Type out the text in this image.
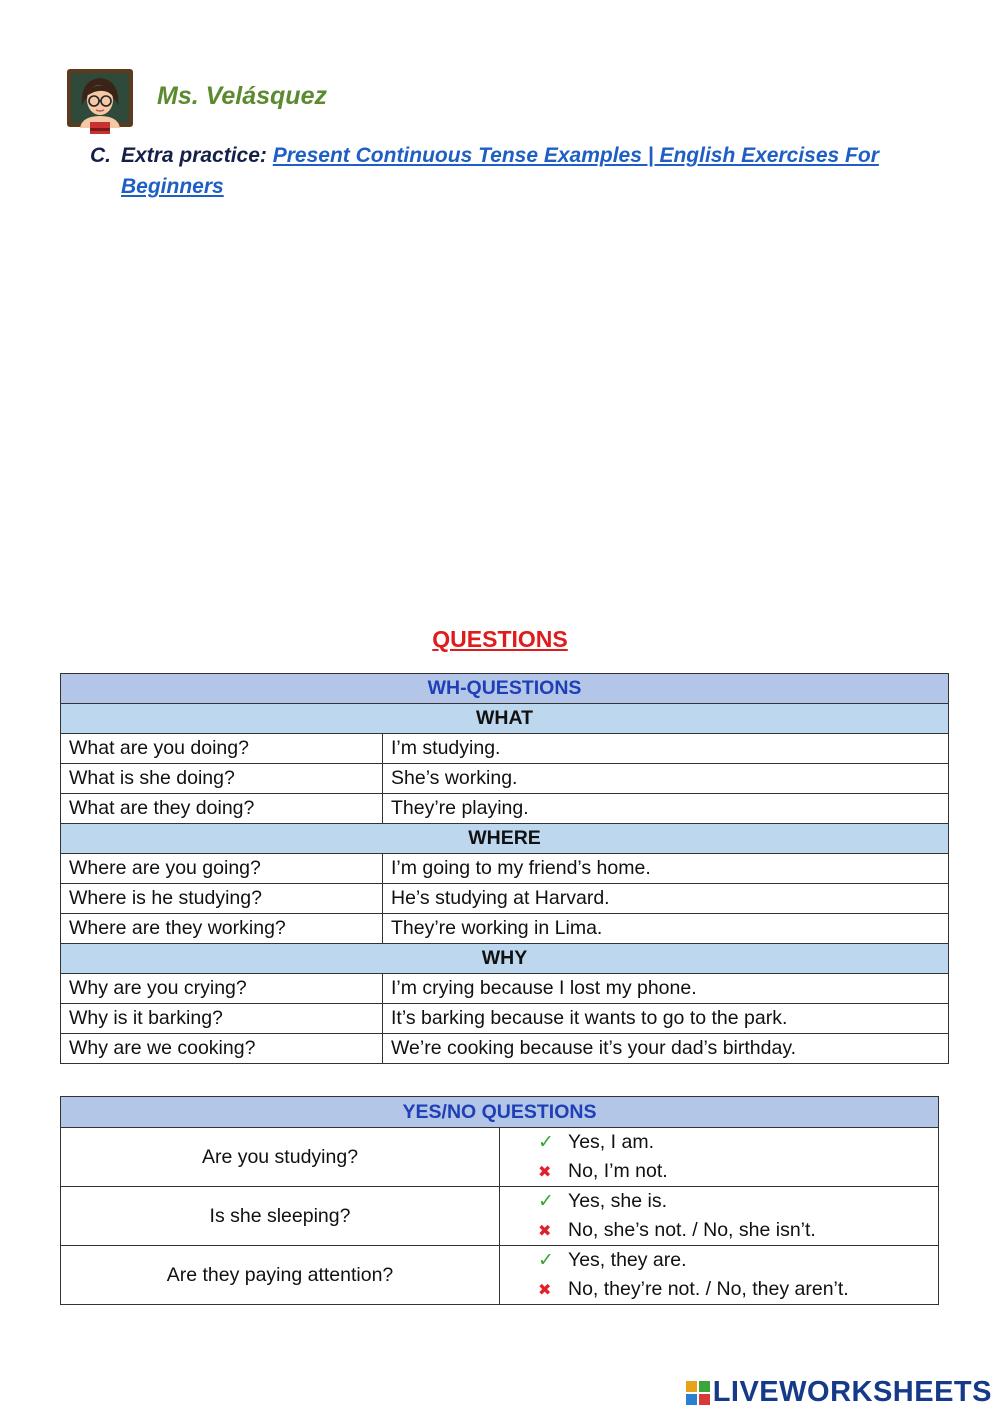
Ms. Velásquez
C. Extra practice: Present Continuous Tense Examples | English Exercises For Beginners
QUESTIONS
WH-QUESTIONS	
WHAT	
What are you doing?	I’m studying.
What is she doing?	She’s working.
What are they doing?	They’re playing.
WHERE	
Where are you going?	I’m going to my friend’s home.
Where is he studying?	He’s studying at Harvard.
Where are they working?	They’re working in Lima.
WHY	
Why are you crying?	I’m crying because I lost my phone.
Why is it barking?	It’s barking because it wants to go to the park.
Why are we cooking?	We’re cooking because it’s your dad’s birthday.
YES/NO QUESTIONS	
Are you studying?	✓ Yes, I am.
✖ No, I’m not.

Is she sleeping?	✓ Yes, she is.
✖ No, she’s not. / No, she isn’t.

Are they paying attention?	✓ Yes, they are.
✖ No, they’re not. / No, they aren’t.
LIVEWORKSHEETS
